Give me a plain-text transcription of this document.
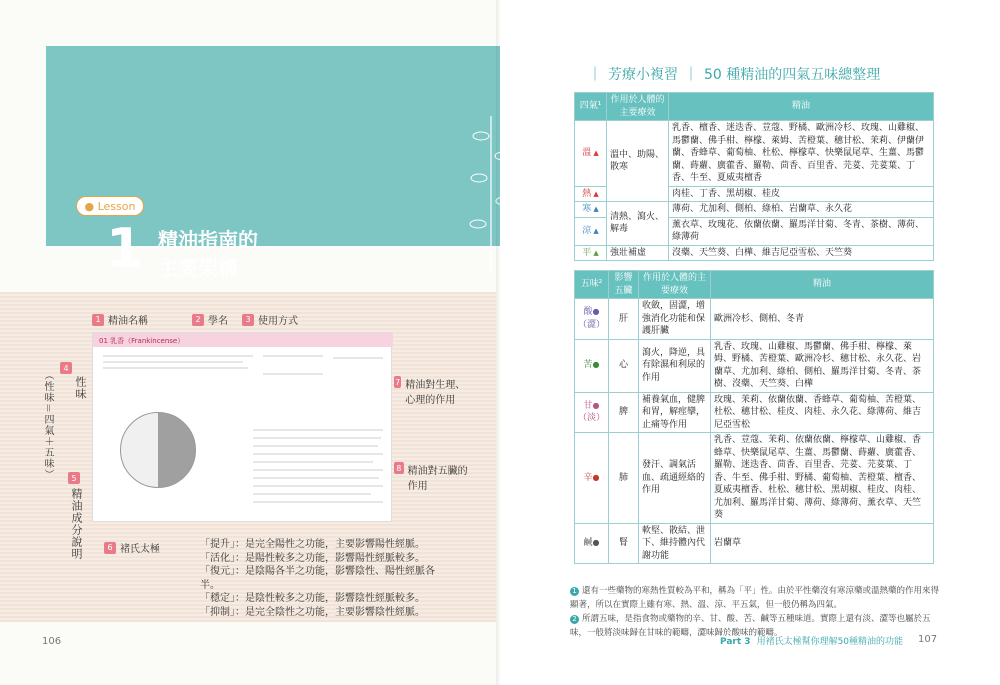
● Lesson
1 精油指南的
主要架構
01 乳香（Frankincense）
1 精油名稱	2 學名	3 使用方式
4
性味
（性味＝四氣＋五味）	5
精油成分說明	6 褚氏太極
7 精油對生理、心理的作用
8 精油對五臟的作用
「提升」：是完全陽性之功能，主要影響陽性經脈。
「活化」：是陽性較多之功能，影響陽性經脈較多。
「復元」：是陰陽各半之功能，影響陰性、陽性經脈各半。
「穩定」：是陰性較多之功能，影響陰性經脈較多。
「抑制」：是完全陰性之功能，主要影響陰性經脈。
106
｜ 芳療小複習 ｜ 50 種精油的四氣五味總整理
四氣¹	作用於人體的主要療效	精油
溫 ▲	溫中、助陽、散寒	乳香、檀香、迷迭香、荳蔻、野橘、歐洲冷杉、玫瑰、山雞椒、馬鬱蘭、佛手柑、檸檬、萊姆、苦橙葉、穗甘松、茉莉、伊蘭伊蘭、香蜂草、葡萄柚、杜松、檸檬草、快樂鼠尾草、生薑、馬鬱蘭、蒔蘿、廣藿香、羅勒、茴香、百里香、芫荽、芫荽葉、丁香、牛至、夏威夷檀香
熱 ▲		肉桂、丁香、黑胡椒、桂皮
寒 ▲	清熱、瀉火、解毒	薄荷、尤加利、側柏、綠柏、岩蘭草、永久花
涼 ▲		薰衣草、玫瑰花、依蘭依蘭、羅馬洋甘菊、冬青、茶樹、薄荷、綠薄荷
平 ▲	強壯補虛	沒藥、天竺葵、白樺、維吉尼亞雪松、天竺葵
五味²	影響五臟	作用於人體的主要療效	精油
酸●
（澀）	肝	收斂，固澀，增強消化功能和保護肝臟	歐洲冷杉、側柏、冬青
苦●	心	瀉火，降逆，具有除濕和利尿的作用	乳香、玫瑰、山雞椒、馬鬱蘭、佛手柑、檸檬、萊姆、野橘、苦橙葉、歐洲冷杉、穗甘松、永久花、岩蘭草、尤加利、綠柏、側柏、羅馬洋甘菊、冬青、茶樹、沒藥、天竺葵、白樺
甘●
（淡）	脾	補養氣血，健脾和胃，解痙攣，止痛等作用	玫瑰、茉莉、依蘭依蘭、香蜂草、葡萄柚、苦橙葉、杜松、穗甘松、桂皮、肉桂、永久花、綠薄荷、維吉尼亞雪松
辛●	肺	發汗、調氣活血、疏通經絡的作用	乳香、荳蔻、茉莉、依蘭依蘭、檸檬草、山雞椒、香蜂草、快樂鼠尾草、生薑、馬鬱蘭、蒔蘿、廣藿香、羅勒、迷迭香、茴香、百里香、芫荽、芫荽葉、丁香、牛至、佛手柑、野橘、葡萄柚、苦橙葉、檀香、夏威夷檀香、杜松、穗甘松、黑胡椒、桂皮、肉桂、尤加利、羅馬洋甘菊、薄荷、綠薄荷、薰衣草、天竺葵
鹹●	腎	軟堅、散結、泄下、維持體內代謝功能	岩蘭草
1 還有一些藥物的寒熱性質較為平和，稱為「平」性。由於平性藥沒有寒涼藥或溫熱藥的作用來得顯著，所以在實際上雖有寒、熱、溫、涼、平五氣，但一般仍稱為四氣。
2 所謂五味，是指食物或藥物的辛、甘、酸、苦、鹹等五種味道。實際上還有淡、澀等也屬於五味，一般將淡味歸在甘味的範疇，澀味歸於酸味的範疇。
Part 3 用褚氏太極幫你理解50種精油的功能 107
